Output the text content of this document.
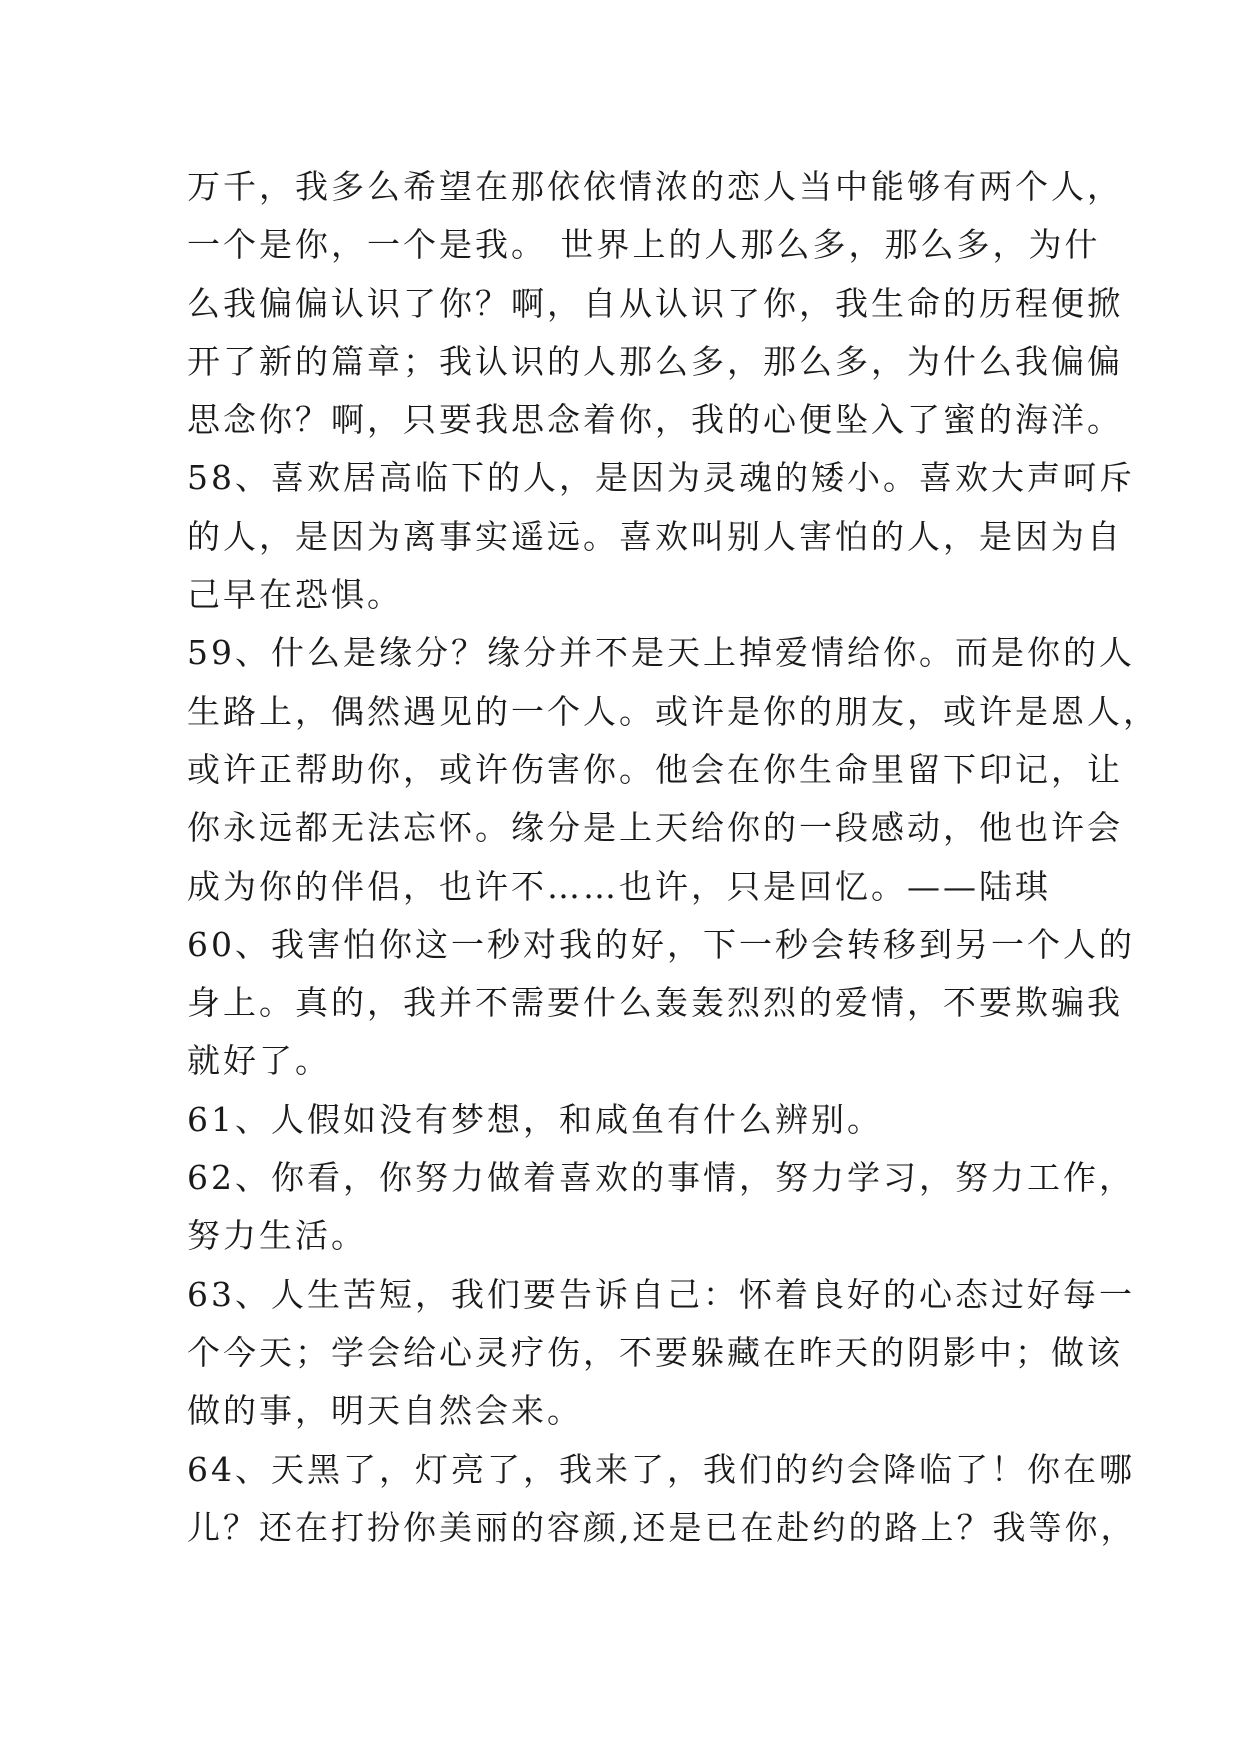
万千，我多么希望在那依依情浓的恋人当中能够有两个人，
一个是你，一个是我。 世界上的人那么多，那么多，为什
么我偏偏认识了你？啊，自从认识了你，我生命的历程便掀
开了新的篇章；我认识的人那么多，那么多，为什么我偏偏
思念你？啊，只要我思念着你，我的心便坠入了蜜的海洋。
58、喜欢居高临下的人，是因为灵魂的矮小。喜欢大声呵斥
的人，是因为离事实遥远。喜欢叫别人害怕的人，是因为自
己早在恐惧。
59、什么是缘分？缘分并不是天上掉爱情给你。而是你的人
生路上，偶然遇见的一个人。或许是你的朋友，或许是恩人，
或许正帮助你，或许伤害你。他会在你生命里留下印记，让
你永远都无法忘怀。缘分是上天给你的一段感动，他也许会
成为你的伴侣，也许不……也许，只是回忆。——陆琪
60、我害怕你这一秒对我的好，下一秒会转移到另一个人的
身上。真的，我并不需要什么轰轰烈烈的爱情，不要欺骗我
就好了。
61、人假如没有梦想，和咸鱼有什么辨别。
62、你看，你努力做着喜欢的事情，努力学习，努力工作，
努力生活。
63、人生苦短，我们要告诉自己：怀着良好的心态过好每一
个今天；学会给心灵疗伤，不要躲藏在昨天的阴影中；做该
做的事，明天自然会来。
64、天黑了，灯亮了，我来了，我们的约会降临了！你在哪
儿？还在打扮你美丽的容颜,还是已在赴约的路上？我等你，
